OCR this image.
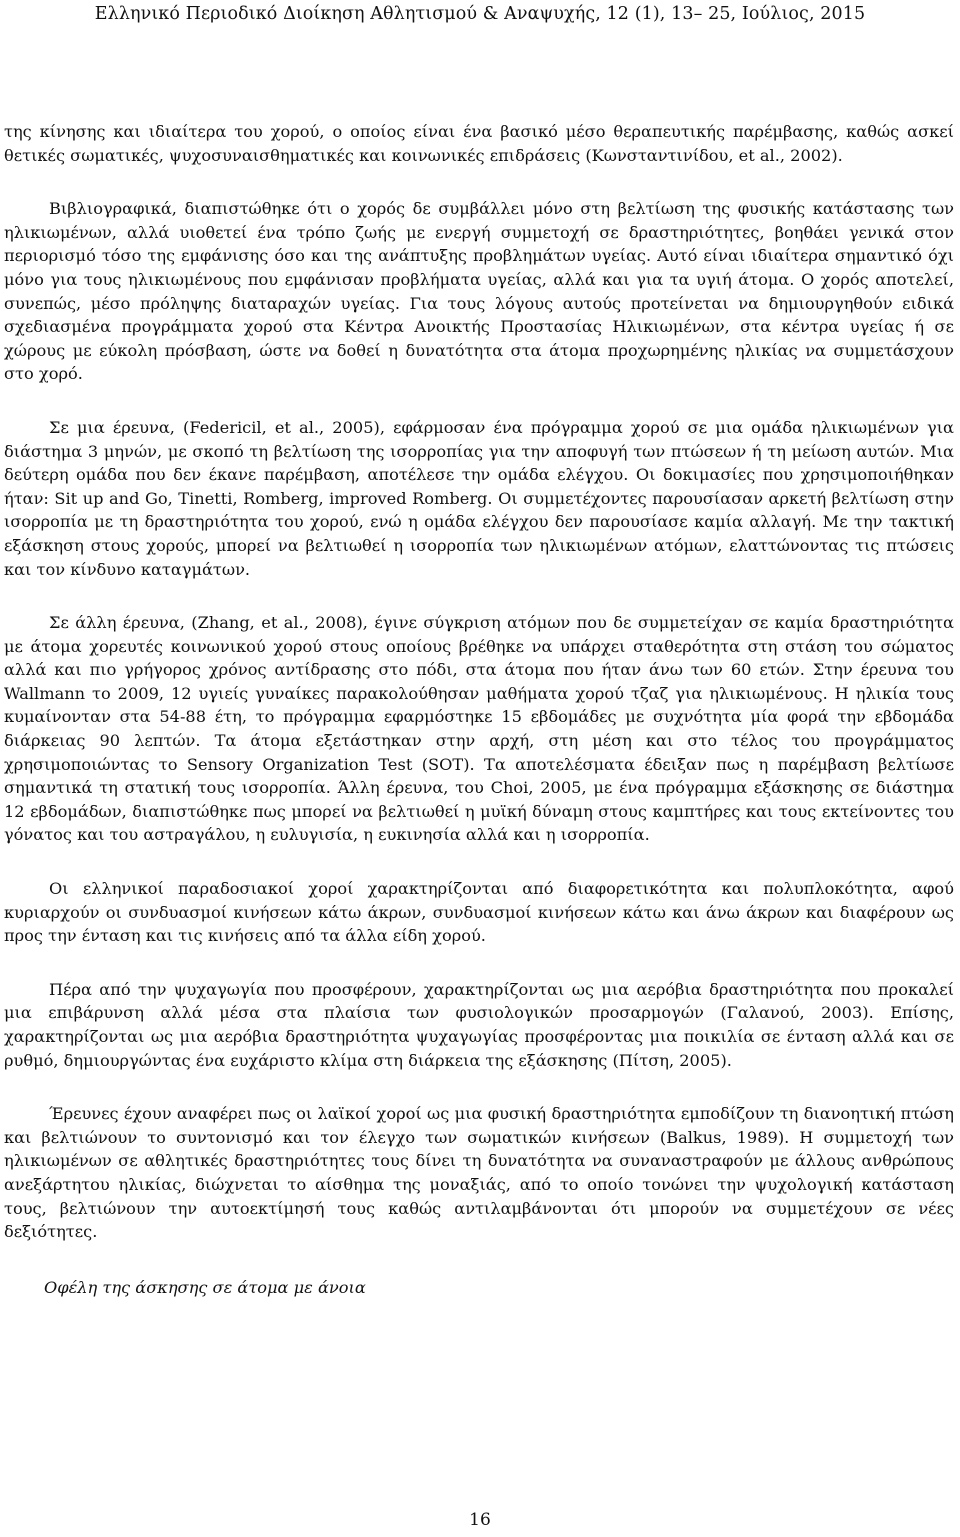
Ελληνικό Περιοδικό Διοίκηση Αθλητισμού & Αναψυχής, 12 (1), 13– 25, Ιούλιος, 2015

της κίνησης και ιδιαίτερα του χορού, ο οποίος είναι ένα βασικό μέσο θεραπευτικής παρέμβασης, καθώς ασκεί θετικές σωματικές, ψυχοσυναισθηματικές και κοινωνικές επιδράσεις (Κωνσταντινίδου, et al., 2002).

Βιβλιογραφικά, διαπιστώθηκε ότι ο χορός δε συμβάλλει μόνο στη βελτίωση της φυσικής κατάστασης των ηλικιωμένων, αλλά υιοθετεί ένα τρόπο ζωής με ενεργή συμμετοχή σε δραστηριότητες, βοηθάει γενικά στον περιορισμό τόσο της εμφάνισης όσο και της ανάπτυξης προβλημάτων υγείας. Αυτό είναι ιδιαίτερα σημαντικό όχι μόνο για τους ηλικιωμένους που εμφάνισαν προβλήματα υγείας, αλλά και για τα υγιή άτομα. Ο χορός αποτελεί, συνεπώς, μέσο πρόληψης διαταραχών υγείας. Για τους λόγους αυτούς προτείνεται να δημιουργηθούν ειδικά σχεδιασμένα προγράμματα χορού στα Κέντρα Ανοικτής Προστασίας Ηλικιωμένων, στα κέντρα υγείας ή σε χώρους με εύκολη πρόσβαση, ώστε να δοθεί η δυνατότητα στα άτομα προχωρημένης ηλικίας να συμμετάσχουν στο χορό.

Σε μια έρευνα, (Federicil, et al., 2005), εφάρμοσαν ένα πρόγραμμα χορού σε μια ομάδα ηλικιωμένων για διάστημα 3 μηνών, με σκοπό τη βελτίωση της ισορροπίας για την αποφυγή των πτώσεων ή τη μείωση αυτών. Μια δεύτερη ομάδα που δεν έκανε παρέμβαση, αποτέλεσε την ομάδα ελέγχου. Οι δοκιμασίες που χρησιμοποιήθηκαν ήταν: Sit up and Go, Tinetti, Romberg, improved Romberg. Οι συμμετέχοντες παρουσίασαν αρκετή βελτίωση στην ισορροπία με τη δραστηριότητα του χορού, ενώ η ομάδα ελέγχου δεν παρουσίασε καμία αλλαγή. Με την τακτική εξάσκηση στους χορούς, μπορεί να βελτιωθεί η ισορροπία των ηλικιωμένων ατόμων, ελαττώνοντας τις πτώσεις και τον κίνδυνο καταγμάτων.

Σε άλλη έρευνα, (Zhang, et al., 2008), έγινε σύγκριση ατόμων που δε συμμετείχαν σε καμία δραστηριότητα με άτομα χορευτές κοινωνικού χορού στους οποίους βρέθηκε να υπάρχει σταθερότητα στη στάση του σώματος αλλά και πιο γρήγορος χρόνος αντίδρασης στο πόδι, στα άτομα που ήταν άνω των 60 ετών. Στην έρευνα του Wallmann το 2009, 12 υγιείς γυναίκες παρακολούθησαν μαθήματα χορού τζαζ για ηλικιωμένους. Η ηλικία τους κυμαίνονταν στα 54-88 έτη, το πρόγραμμα εφαρμόστηκε 15 εβδομάδες με συχνότητα μία φορά την εβδομάδα διάρκειας 90 λεπτών. Τα άτομα εξετάστηκαν στην αρχή, στη μέση και στο τέλος του προγράμματος χρησιμοποιώντας το Sensory Organization Test (SOT). Τα αποτελέσματα έδειξαν πως η παρέμβαση βελτίωσε σημαντικά τη στατική τους ισορροπία. Άλλη έρευνα, του Choi, 2005, με ένα πρόγραμμα εξάσκησης σε διάστημα 12 εβδομάδων, διαπιστώθηκε πως μπορεί να βελτιωθεί η μυϊκή δύναμη στους καμπτήρες και τους εκτείνοντες του γόνατος και του αστραγάλου, η ευλυγισία, η ευκινησία αλλά και η ισορροπία.

Οι ελληνικοί παραδοσιακοί χοροί χαρακτηρίζονται από διαφορετικότητα και πολυπλοκότητα, αφού κυριαρχούν οι συνδυασμοί κινήσεων κάτω άκρων, συνδυασμοί κινήσεων κάτω και άνω άκρων και διαφέρουν ως προς την ένταση και τις κινήσεις από τα άλλα είδη χορού.

Πέρα από την ψυχαγωγία που προσφέρουν, χαρακτηρίζονται ως μια αερόβια δραστηριότητα που προκαλεί μια επιβάρυνση αλλά μέσα στα πλαίσια των φυσιολογικών προσαρμογών (Γαλανού, 2003). Επίσης, χαρακτηρίζονται ως μια αερόβια δραστηριότητα ψυχαγωγίας προσφέροντας μια ποικιλία σε ένταση αλλά και σε ρυθμό, δημιουργώντας ένα ευχάριστο κλίμα στη διάρκεια της εξάσκησης (Πίτση, 2005).

Έρευνες έχουν αναφέρει πως οι λαϊκοί χοροί ως μια φυσική δραστηριότητα εμποδίζουν τη διανοητική πτώση και βελτιώνουν το συντονισμό και τον έλεγχο των σωματικών κινήσεων (Balkus, 1989). Η συμμετοχή των ηλικιωμένων σε αθλητικές δραστηριότητες τους δίνει τη δυνατότητα να συναναστραφούν με άλλους ανθρώπους ανεξάρτητου ηλικίας, διώχνεται το αίσθημα της μοναξιάς, από το οποίο τονώνει την ψυχολογική κατάσταση τους, βελτιώνουν την αυτοεκτίμησή τους καθώς αντιλαμβάνονται ότι μπορούν να συμμετέχουν σε νέες δεξιότητες.

Οφέλη της άσκησης σε άτομα με άνοια

16
